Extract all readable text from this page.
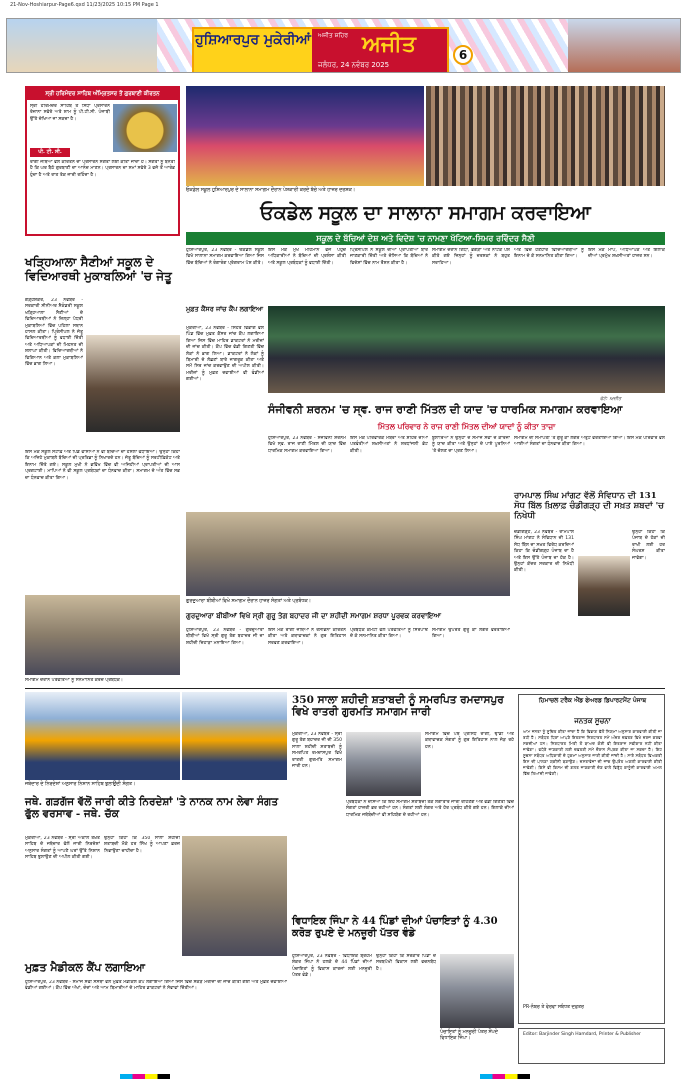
21-Nov-Hoshiarpur-Page6.qxd 11/23/2025 10:15 PM Page 1
ਹੁਸ਼ਿਆਰਪੁਰ ਮੁਕੇਰੀਆਂ ਅਜੀਤ ਸ਼ਹਿਰ ਅਜੀਤ
ਜਲੰਧਰ, 24 ਨਵੰਬਰ 2025
6
ਸ੍ਰੀ ਹਰਿਮੰਦਰ ਸਾਹਿਬ ਅੰਮ੍ਰਿਤਸਰ ਤੋਂ ਗੁਰਬਾਣੀ ਕੀਰਤਨ
ਸ੍ਰੀ ਹਰਿਮੰਦਰ ਸਾਹਿਬ ਤੋਂ ਸਿੱਧਾ ਪ੍ਰਸਾਰਨ ਰੋਜ਼ਾਨਾ ਸਵੇਰੇ ਅਤੇ ਸ਼ਾਮ ਨੂੰ ਪੀ.ਟੀ.ਸੀ. ਪੰਜਾਬੀ ਉੱਤੇ ਦੇਖਿਆ ਜਾ ਸਕਦਾ ਹੈ।
ਪੀ. ਟੀ. ਸੀ.
ਰਾਗੀ ਜਥਿਆਂ ਵੱਲੋਂ ਕੀਰਤਨ ਦਾ ਪ੍ਰਸਾਰਨ ਸੰਗਤਾਂ ਲਈ ਕੀਤਾ ਜਾਂਦਾ ਹੈ। ਸੰਗਤਾਂ ਨੂੰ ਬੇਨਤੀ ਹੈ ਕਿ ਘਰ ਬੈਠੇ ਗੁਰਬਾਣੀ ਦਾ ਆਨੰਦ ਮਾਣਨ। ਪ੍ਰਸਾਰਨ ਦਾ ਸਮਾਂ ਸਵੇਰੇ 3 ਵਜੇ ਤੋਂ ਆਰੰਭ ਹੁੰਦਾ ਹੈ ਅਤੇ ਰਾਤ ਤੱਕ ਜਾਰੀ ਰਹਿੰਦਾ ਹੈ।
ਓਕਡੇਲ ਸਕੂਲ ਹੁਸ਼ਿਆਰਪੁਰ ਦੇ ਸਾਲਾਨਾ ਸਮਾਗਮ ਦੌਰਾਨ ਪੇਸ਼ਕਾਰੀ ਕਰਦੇ ਬੱਚੇ ਅਤੇ ਹਾਜ਼ਰ ਦਰਸ਼ਕ।
ਓਕਡੇਲ ਸਕੂਲ ਦਾ ਸਾਲਾਨਾ ਸਮਾਗਮ ਕਰਵਾਇਆ
ਸਕੂਲ ਦੇ ਬੱਚਿਆਂ ਦੇਸ਼ ਅਤੇ ਵਿਦੇਸ਼ 'ਚ ਨਾਮਣਾ ਖੱਟਿਆ-ਸਿਮਰ ਰਵਿੰਦਰ ਸੈਣੀ
ਹੁਸ਼ਿਆਰਪੁਰ, 23 ਨਵੰਬਰ - ਓਕਡੇਲ ਸਕੂਲ ਵਿਖੇ ਸਾਲਾਨਾ ਸਮਾਗਮ ਕਰਵਾਇਆ ਗਿਆ ਜਿਸ ਵਿੱਚ ਬੱਚਿਆਂ ਨੇ ਰੰਗਾਰੰਗ ਪ੍ਰੋਗਰਾਮ ਪੇਸ਼ ਕੀਤੇ।
ਇਸ ਮੌਕੇ ਮੁੱਖ ਮਹਿਮਾਨ ਵਜੋਂ ਪਹੁੰਚੇ ਅਧਿਕਾਰੀਆਂ ਨੇ ਬੱਚਿਆਂ ਦੀ ਪ੍ਰਸ਼ੰਸਾ ਕੀਤੀ ਅਤੇ ਸਕੂਲ ਪ੍ਰਬੰਧਕਾਂ ਨੂੰ ਵਧਾਈ ਦਿੱਤੀ।
ਪ੍ਰਿੰਸੀਪਲ ਨੇ ਸਕੂਲ ਦੀਆਂ ਪ੍ਰਾਪਤੀਆਂ ਬਾਰੇ ਜਾਣਕਾਰੀ ਦਿੱਤੀ ਅਤੇ ਦੱਸਿਆ ਕਿ ਬੱਚਿਆਂ ਨੇ ਵਿਦੇਸ਼ਾਂ ਵਿੱਚ ਨਾਮ ਰੌਸ਼ਨ ਕੀਤਾ ਹੈ।
ਸਮਾਗਮ ਦੌਰਾਨ ਗਿੱਧਾ, ਭੰਗੜਾ ਅਤੇ ਨਾਟਕ ਪੇਸ਼ ਕੀਤੇ ਗਏ ਜਿਨ੍ਹਾਂ ਨੂੰ ਦਰਸ਼ਕਾਂ ਨੇ ਬਹੁਤ ਸਰਾਹਿਆ।
ਅੰਤ ਵਿੱਚ ਹੋਣਹਾਰ ਵਿਦਿਆਰਥੀਆਂ ਨੂੰ ਇਨਾਮ ਦੇ ਕੇ ਸਨਮਾਨਿਤ ਕੀਤਾ ਗਿਆ।
ਇਸ ਮੌਕੇ ਮਾਪੇ, ਅਧਿਆਪਕ ਅਤੇ ਇਲਾਕੇ ਦੀਆਂ ਪ੍ਰਮੁੱਖ ਸ਼ਖ਼ਸੀਅਤਾਂ ਹਾਜ਼ਰ ਸਨ।
ਖੜ੍ਹਿਆਲਾ ਸੈਣੀਆਂ ਸਕੂਲ ਦੇ ਵਿਦਿਆਰਥੀ ਮੁਕਾਬਲਿਆਂ 'ਚ ਜੇਤੂ
ਗੜ੍ਹਸ਼ੰਕਰ, 23 ਨਵੰਬਰ - ਸਰਕਾਰੀ ਸੀਨੀਅਰ ਸੈਕੰਡਰੀ ਸਕੂਲ ਖੜ੍ਹਿਆਲਾ ਸੈਣੀਆਂ ਦੇ ਵਿਦਿਆਰਥੀਆਂ ਨੇ ਜ਼ਿਲ੍ਹਾ ਪੱਧਰੀ ਮੁਕਾਬਲਿਆਂ ਵਿੱਚ ਪਹਿਲਾ ਸਥਾਨ ਹਾਸਲ ਕੀਤਾ। ਪ੍ਰਿੰਸੀਪਲ ਨੇ ਜੇਤੂ ਵਿਦਿਆਰਥੀਆਂ ਨੂੰ ਵਧਾਈ ਦਿੱਤੀ ਅਤੇ ਅਧਿਆਪਕਾਂ ਦੀ ਮਿਹਨਤ ਦੀ ਸ਼ਲਾਘਾ ਕੀਤੀ। ਵਿਦਿਆਰਥੀਆਂ ਨੇ ਵਿਗਿਆਨ ਅਤੇ ਕਲਾ ਮੁਕਾਬਲਿਆਂ ਵਿੱਚ ਭਾਗ ਲਿਆ।
ਇਸ ਮੌਕੇ ਸਕੂਲ ਸਟਾਫ਼ ਅਤੇ ਪਿੰਡ ਵਾਸੀਆਂ ਨੇ ਵੀ ਬੱਚਿਆਂ ਦਾ ਹੌਸਲਾ ਵਧਾਇਆ। ਉਨ੍ਹਾਂ ਕਿਹਾ ਕਿ ਅਜਿਹੇ ਮੁਕਾਬਲੇ ਬੱਚਿਆਂ ਦੀ ਪ੍ਰਤਿਭਾ ਨੂੰ ਨਿਖਾਰਦੇ ਹਨ। ਜੇਤੂ ਬੱਚਿਆਂ ਨੂੰ ਸਰਟੀਫ਼ਿਕੇਟ ਅਤੇ ਇਨਾਮ ਦਿੱਤੇ ਗਏ। ਸਕੂਲ ਮੁਖੀ ਨੇ ਭਵਿੱਖ ਵਿੱਚ ਵੀ ਅਜਿਹੀਆਂ ਪ੍ਰਾਪਤੀਆਂ ਦੀ ਆਸ ਪ੍ਰਗਟਾਈ। ਮਾਪਿਆਂ ਨੇ ਵੀ ਸਕੂਲ ਪ੍ਰਬੰਧਕਾਂ ਦਾ ਧੰਨਵਾਦ ਕੀਤਾ। ਸਮਾਗਮ ਦੇ ਅੰਤ ਵਿੱਚ ਸਭ ਦਾ ਧੰਨਵਾਦ ਕੀਤਾ ਗਿਆ।
ਮੁਫ਼ਤ ਕੈਂਸਰ ਜਾਂਚ ਕੈਂਪ ਲਗਾਇਆ
ਮੁਕੇਰੀਆਂ, 23 ਨਵੰਬਰ - ਸਿਹਤ ਵਿਭਾਗ ਵੱਲੋਂ ਪਿੰਡ ਵਿੱਚ ਮੁਫ਼ਤ ਕੈਂਸਰ ਜਾਂਚ ਕੈਂਪ ਲਗਾਇਆ ਗਿਆ ਜਿਸ ਵਿੱਚ ਮਾਹਿਰ ਡਾਕਟਰਾਂ ਨੇ ਮਰੀਜ਼ਾਂ ਦੀ ਜਾਂਚ ਕੀਤੀ। ਕੈਂਪ ਵਿੱਚ ਵੱਡੀ ਗਿਣਤੀ ਵਿੱਚ ਲੋਕਾਂ ਨੇ ਭਾਗ ਲਿਆ। ਡਾਕਟਰਾਂ ਨੇ ਲੋਕਾਂ ਨੂੰ ਬਿਮਾਰੀ ਦੇ ਲੱਛਣਾਂ ਬਾਰੇ ਜਾਗਰੂਕ ਕੀਤਾ ਅਤੇ ਸਮੇਂ ਸਿਰ ਜਾਂਚ ਕਰਵਾਉਣ ਦੀ ਅਪੀਲ ਕੀਤੀ। ਮਰੀਜ਼ਾਂ ਨੂੰ ਮੁਫ਼ਤ ਦਵਾਈਆਂ ਵੀ ਵੰਡੀਆਂ ਗਈਆਂ।
ਫੋਟੋ: ਅਜੀਤ
ਸੰਜੀਵਨੀ ਸ਼ਰਨਮ 'ਚ ਸ੍ਵ. ਰਾਜ ਰਾਣੀ ਮਿੱਤਲ ਦੀ ਯਾਦ 'ਚ ਧਾਰਮਿਕ ਸਮਾਗਮ ਕਰਵਾਇਆ
ਮਿੱਤਲ ਪਰਿਵਾਰ ਨੇ ਰਾਜ ਰਾਣੀ ਮਿੱਤਲ ਦੀਆਂ ਯਾਦਾਂ ਨੂੰ ਕੀਤਾ ਤਾਜ਼ਾ
ਹੁਸ਼ਿਆਰਪੁਰ, 23 ਨਵੰਬਰ - ਸੰਜੀਵਨੀ ਸ਼ਰਨਮ ਵਿਖੇ ਸ੍ਵ. ਰਾਜ ਰਾਣੀ ਮਿੱਤਲ ਦੀ ਯਾਦ ਵਿੱਚ ਧਾਰਮਿਕ ਸਮਾਗਮ ਕਰਵਾਇਆ ਗਿਆ।
ਇਸ ਮੌਕੇ ਪਰਿਵਾਰਕ ਮੈਂਬਰਾਂ ਅਤੇ ਸ਼ਹਿਰ ਦੀਆਂ ਪਤਵੰਤੀਆਂ ਸ਼ਖ਼ਸੀਅਤਾਂ ਨੇ ਸ਼ਰਧਾਂਜਲੀ ਭੇਟ ਕੀਤੀ।
ਬੁਲਾਰਿਆਂ ਨੇ ਉਨ੍ਹਾਂ ਦੇ ਸਮਾਜ ਸੇਵਾ ਦੇ ਕਾਰਜਾਂ ਨੂੰ ਯਾਦ ਕੀਤਾ ਅਤੇ ਉਨ੍ਹਾਂ ਦੇ ਪਾਏ ਪੂਰਨਿਆਂ 'ਤੇ ਚੱਲਣ ਦਾ ਪ੍ਰਣ ਲਿਆ।
ਸਮਾਗਮ ਦੀ ਸਮਾਪਤੀ 'ਤੇ ਗੁਰੂ ਕਾ ਲੰਗਰ ਅਤੁੱਟ ਵਰਤਾਇਆ ਗਿਆ। ਇਸ ਮੌਕੇ ਪਰਿਵਾਰ ਵੱਲੋਂ ਆਈਆਂ ਸੰਗਤਾਂ ਦਾ ਧੰਨਵਾਦ ਕੀਤਾ ਗਿਆ।
ਰਾਮਪਾਲ ਸਿੰਘ ਮਾਂਗਟ ਵੱਲੋਂ ਸੰਵਿਧਾਨ ਦੀ 131 ਸੋਧ ਬਿੱਲ ਖ਼ਿਲਾਫ਼ ਚੰਡੀਗੜ੍ਹ ਦੀ ਸਖ਼ਤ ਸ਼ਬਦਾਂ 'ਚ ਨਿਖੇਧੀ
ਚੰਡੀਗੜ੍ਹ, 23 ਨਵੰਬਰ - ਰਾਮਪਾਲ ਸਿੰਘ ਮਾਂਗਟ ਨੇ ਸੰਵਿਧਾਨ ਦੀ 131 ਸੋਧ ਬਿੱਲ ਦਾ ਸਖ਼ਤ ਵਿਰੋਧ ਕਰਦਿਆਂ ਕਿਹਾ ਕਿ ਚੰਡੀਗੜ੍ਹ ਪੰਜਾਬ ਦਾ ਹੈ ਅਤੇ ਇਸ ਉੱਤੇ ਪੰਜਾਬ ਦਾ ਹੱਕ ਹੈ। ਉਨ੍ਹਾਂ ਕੇਂਦਰ ਸਰਕਾਰ ਦੀ ਨਿਖੇਧੀ ਕੀਤੀ।
ਉਨ੍ਹਾਂ ਕਿਹਾ ਕਿ ਪੰਜਾਬ ਦੇ ਹੱਕਾਂ ਦੀ ਰਾਖੀ ਲਈ ਹਰ ਸੰਘਰਸ਼ ਕੀਤਾ ਜਾਵੇਗਾ।
ਗੁਰਦੁਆਰਾ ਬੀਬੀਆਂ ਵਿਖੇ ਸਮਾਗਮ ਦੌਰਾਨ ਹਾਜ਼ਰ ਸੰਗਤਾਂ ਅਤੇ ਪ੍ਰਬੰਧਕ।
ਗੁਰਦੁਆਰਾ ਬੀਬੀਆਂ ਵਿਖੇ ਸ੍ਰੀ ਗੁਰੂ ਤੇਗ ਬਹਾਦਰ ਜੀ ਦਾ ਸ਼ਹੀਦੀ ਸਮਾਗਮ ਸ਼ਰਧਾ ਪੂਰਵਕ ਕਰਵਾਇਆ
ਹੁਸ਼ਿਆਰਪੁਰ, 23 ਨਵੰਬਰ - ਗੁਰਦੁਆਰਾ ਬੀਬੀਆਂ ਵਿਖੇ ਸ੍ਰੀ ਗੁਰੂ ਤੇਗ ਬਹਾਦਰ ਜੀ ਦਾ ਸ਼ਹੀਦੀ ਦਿਹਾੜਾ ਮਨਾਇਆ ਗਿਆ।
ਇਸ ਮੌਕੇ ਰਾਗੀ ਜਥਿਆਂ ਨੇ ਰਸਭਿੰਨਾ ਕੀਰਤਨ ਕੀਤਾ ਅਤੇ ਕਥਾਵਾਚਕਾਂ ਨੇ ਗੁਰ ਇਤਿਹਾਸ ਸਰਵਣ ਕਰਵਾਇਆ।
ਪ੍ਰਬੰਧਕ ਕਮੇਟੀ ਵੱਲੋਂ ਪਤਵੰਤਿਆਂ ਨੂੰ ਸਿਰੋਪਾਓ ਦੇ ਕੇ ਸਨਮਾਨਿਤ ਕੀਤਾ ਗਿਆ।
ਸਮਾਗਮ ਉਪਰੰਤ ਗੁਰੂ ਕਾ ਲੰਗਰ ਵਰਤਾਇਆ ਗਿਆ।
ਸਮਾਗਮ ਦੌਰਾਨ ਪਤਵੰਤਿਆਂ ਨੂੰ ਸਨਮਾਨਿਤ ਕਰਦੇ ਪ੍ਰਬੰਧਕ।
ਜਥੇਦਾਰ ਦੇ ਨਿਰਦੇਸ਼ਾਂ ਅਨੁਸਾਰ ਨਿਸ਼ਾਨ ਸਾਹਿਬ ਝੁਲਾਉਂਦੀ ਸੰਗਤ।
ਜਥੇ. ਗੜਗੱਜ ਵੱਲੋਂ ਜਾਰੀ ਕੀਤੇ ਨਿਰਦੇਸ਼ਾਂ 'ਤੇ ਨਾਨਕ ਨਾਮ ਲੇਵਾ ਸੰਗਤ ਫੁੱਲ ਵਰਸਾਵ - ਜਥੇ. ਚੱਕ
ਮੁਕੇਰੀਆਂ, 23 ਨਵੰਬਰ - ਸ੍ਰੀ ਅਕਾਲ ਤਖ਼ਤ ਸਾਹਿਬ ਦੇ ਜਥੇਦਾਰ ਵੱਲੋਂ ਜਾਰੀ ਨਿਰਦੇਸ਼ਾਂ ਅਨੁਸਾਰ ਸੰਗਤਾਂ ਨੂੰ ਆਪਣੇ ਘਰਾਂ ਉੱਤੇ ਨਿਸ਼ਾਨ ਸਾਹਿਬ ਝੁਲਾਉਣ ਦੀ ਅਪੀਲ ਕੀਤੀ ਗਈ।
ਉਨ੍ਹਾਂ ਕਿਹਾ ਕਿ 350 ਸਾਲਾ ਸ਼ਹੀਦੀ ਸ਼ਤਾਬਦੀ ਮੌਕੇ ਹਰ ਸਿੱਖ ਨੂੰ ਆਪਣਾ ਫ਼ਰਜ਼ ਨਿਭਾਉਣਾ ਚਾਹੀਦਾ ਹੈ।
ਮੁਫ਼ਤ ਮੈਡੀਕਲ ਕੈਂਪ ਲਗਾਇਆ
ਹੁਸ਼ਿਆਰਪੁਰ, 23 ਨਵੰਬਰ - ਸਮਾਜ ਸੇਵੀ ਸੰਸਥਾ ਵੱਲੋਂ ਮੁਫ਼ਤ ਮੈਡੀਕਲ ਕੈਂਪ ਲਗਾਇਆ ਗਿਆ ਜਿਸ ਵਿੱਚ ਸੈਂਕੜੇ ਮਰੀਜ਼ਾਂ ਦੀ ਜਾਂਚ ਕੀਤੀ ਗਈ ਅਤੇ ਮੁਫ਼ਤ ਦਵਾਈਆਂ ਵੰਡੀਆਂ ਗਈਆਂ। ਕੈਂਪ ਵਿੱਚ ਅੱਖਾਂ, ਦੰਦਾਂ ਅਤੇ ਆਮ ਬਿਮਾਰੀਆਂ ਦੇ ਮਾਹਿਰ ਡਾਕਟਰਾਂ ਨੇ ਸੇਵਾਵਾਂ ਦਿੱਤੀਆਂ।
350 ਸਾਲਾ ਸ਼ਹੀਦੀ ਸ਼ਤਾਬਦੀ ਨੂੰ ਸਮਰਪਿਤ ਰਮਦਾਸਪੁਰ ਵਿਖੇ ਰਾਤਰੀ ਗੁਰਮਤਿ ਸਮਾਗਮ ਜਾਰੀ
ਮੁਕੇਰੀਆਂ, 23 ਨਵੰਬਰ - ਸ੍ਰੀ ਗੁਰੂ ਤੇਗ ਬਹਾਦਰ ਜੀ ਦੀ 350 ਸਾਲਾ ਸ਼ਹੀਦੀ ਸ਼ਤਾਬਦੀ ਨੂੰ ਸਮਰਪਿਤ ਰਮਦਾਸਪੁਰ ਵਿਖੇ ਰਾਤਰੀ ਗੁਰਮਤਿ ਸਮਾਗਮ ਜਾਰੀ ਹਨ।
ਸਮਾਗਮ ਵਿੱਚ ਪੰਥ ਪ੍ਰਸਿੱਧ ਰਾਗੀ, ਢਾਡੀ ਅਤੇ ਕਥਾਵਾਚਕ ਸੰਗਤਾਂ ਨੂੰ ਗੁਰ ਇਤਿਹਾਸ ਨਾਲ ਜੋੜ ਰਹੇ ਹਨ।
ਪ੍ਰਬੰਧਕਾਂ ਨੇ ਦੱਸਿਆ ਕਿ ਇਹ ਸਮਾਗਮ ਸ਼ਤਾਬਦੀ ਤੱਕ ਲਗਾਤਾਰ ਜਾਰੀ ਰਹਿਣਗੇ ਅਤੇ ਵੱਡੀ ਗਿਣਤੀ ਵਿੱਚ ਸੰਗਤਾਂ ਹਾਜ਼ਰੀ ਭਰ ਰਹੀਆਂ ਹਨ। ਸੰਗਤਾਂ ਲਈ ਲੰਗਰ ਅਤੇ ਹੋਰ ਪ੍ਰਬੰਧ ਕੀਤੇ ਗਏ ਹਨ। ਇਲਾਕੇ ਦੀਆਂ ਧਾਰਮਿਕ ਜਥੇਬੰਦੀਆਂ ਵੀ ਸਹਿਯੋਗ ਦੇ ਰਹੀਆਂ ਹਨ।
ਵਿਧਾਇਕ ਜਿੰਪਾ ਨੇ 44 ਪਿੰਡਾਂ ਦੀਆਂ ਪੰਚਾਇਤਾਂ ਨੂੰ 4.30 ਕਰੋੜ ਰੁਪਏ ਦੇ ਮਨਜ਼ੂਰੀ ਪੱਤਰ ਵੰਡੇ
ਹੁਸ਼ਿਆਰਪੁਰ, 23 ਨਵੰਬਰ - ਵਿਧਾਇਕ ਬ੍ਰਹਮ ਸ਼ੰਕਰ ਜਿੰਪਾ ਨੇ ਹਲਕੇ ਦੇ 44 ਪਿੰਡਾਂ ਦੀਆਂ ਪੰਚਾਇਤਾਂ ਨੂੰ ਵਿਕਾਸ ਕਾਰਜਾਂ ਲਈ ਮਨਜ਼ੂਰੀ ਪੱਤਰ ਵੰਡੇ।
ਉਨ੍ਹਾਂ ਕਿਹਾ ਕਿ ਸਰਕਾਰ ਪਿੰਡਾਂ ਦੇ ਸਰਬਪੱਖੀ ਵਿਕਾਸ ਲਈ ਵਚਨਬੱਧ ਹੈ।
ਪੰਚਾਇਤਾਂ ਨੂੰ ਮਨਜ਼ੂਰੀ ਪੱਤਰ ਸੌਂਪਦੇ ਵਿਧਾਇਕ ਜਿੰਪਾ।
ਹਿਮਾਚਲ ਟਰੈਕ ਐਂਡ ਫੇਅਰਡ ਡਿਪਾਰਟਮੈਂਟ ਪੰਜਾਬ
ਜਨਤਕ ਸੂਚਨਾ
ਆਮ ਜਨਤਾ ਨੂੰ ਸੂਚਿਤ ਕੀਤਾ ਜਾਂਦਾ ਹੈ ਕਿ ਵਿਭਾਗ ਵੱਲੋਂ ਨਿਯਮਾਂ ਅਨੁਸਾਰ ਕਾਰਵਾਈ ਕੀਤੀ ਜਾ ਰਹੀ ਹੈ। ਸਬੰਧਤ ਧਿਰਾਂ ਆਪਣੇ ਇਤਰਾਜ਼ ਨਿਰਧਾਰਤ ਸਮੇਂ ਅੰਦਰ ਦਫ਼ਤਰ ਵਿਖੇ ਦਰਜ ਕਰਵਾ ਸਕਦੀਆਂ ਹਨ। ਨਿਰਧਾਰਤ ਮਿਤੀ ਤੋਂ ਬਾਅਦ ਕੋਈ ਵੀ ਇਤਰਾਜ਼ ਸਵੀਕਾਰ ਨਹੀਂ ਕੀਤਾ ਜਾਵੇਗਾ। ਵਧੇਰੇ ਜਾਣਕਾਰੀ ਲਈ ਦਫ਼ਤਰੀ ਸਮੇਂ ਦੌਰਾਨ ਸੰਪਰਕ ਕੀਤਾ ਜਾ ਸਕਦਾ ਹੈ। ਇਹ ਸੂਚਨਾ ਸਬੰਧਤ ਅਧਿਕਾਰੀ ਦੇ ਹੁਕਮਾਂ ਅਨੁਸਾਰ ਜਾਰੀ ਕੀਤੀ ਜਾਂਦੀ ਹੈ। ਸਾਰੇ ਸਬੰਧਤ ਵਿਅਕਤੀ ਇਸ ਦੀ ਪਾਲਣਾ ਯਕੀਨੀ ਬਣਾਉਣ। ਦਸਤਾਵੇਜ਼ਾਂ ਦੀ ਜਾਂਚ ਉਪਰੰਤ ਅਗਲੀ ਕਾਰਵਾਈ ਕੀਤੀ ਜਾਵੇਗੀ। ਕਿਸੇ ਵੀ ਕਿਸਮ ਦੀ ਗਲਤ ਜਾਣਕਾਰੀ ਦੇਣ ਵਾਲੇ ਵਿਰੁੱਧ ਕਾਨੂੰਨੀ ਕਾਰਵਾਈ ਅਮਲ ਵਿੱਚ ਲਿਆਂਦੀ ਜਾਵੇਗੀ।
PR-ਨੰਬਰ ਤੇ ਵੇਰਵਾ ਸਬੰਧਤ ਦਫ਼ਤਰ
Editor: Barjinder Singh Hamdard, Printer & Publisher
